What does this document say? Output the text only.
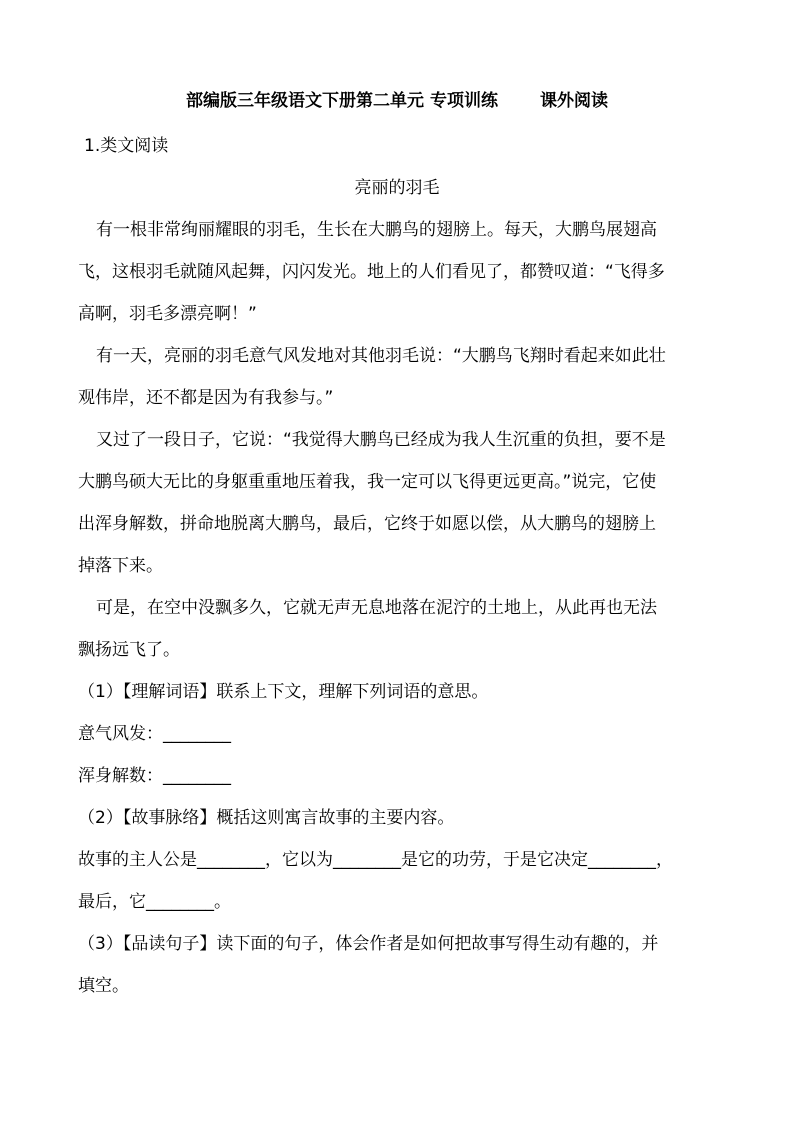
部编版三年级语文下册第二单元 专项训练 课外阅读
1.类文阅读
亮丽的羽毛
有一根非常绚丽耀眼的羽毛，生长在大鹏鸟的翅膀上。每天，大鹏鸟展翅高
飞，这根羽毛就随风起舞，闪闪发光。地上的人们看见了，都赞叹道：“飞得多
高啊，羽毛多漂亮啊！”
有一天，亮丽的羽毛意气风发地对其他羽毛说：“大鹏鸟飞翔时看起来如此壮
观伟岸，还不都是因为有我参与。”
又过了一段日子，它说：“我觉得大鹏鸟已经成为我人生沉重的负担，要不是
大鹏鸟硕大无比的身躯重重地压着我，我一定可以飞得更远更高。”说完，它使
出浑身解数，拼命地脱离大鹏鸟，最后，它终于如愿以偿，从大鹏鸟的翅膀上
掉落下来。
可是，在空中没飘多久，它就无声无息地落在泥泞的土地上，从此再也无法
飘扬远飞了。
（1）【理解词语】联系上下文，理解下列词语的意思。
意气风发：________
浑身解数：________
（2）【故事脉络】概括这则寓言故事的主要内容。
故事的主人公是________，它以为________是它的功劳，于是它决定________，
最后，它________。
（3）【品读句子】读下面的句子，体会作者是如何把故事写得生动有趣的，并
填空。
